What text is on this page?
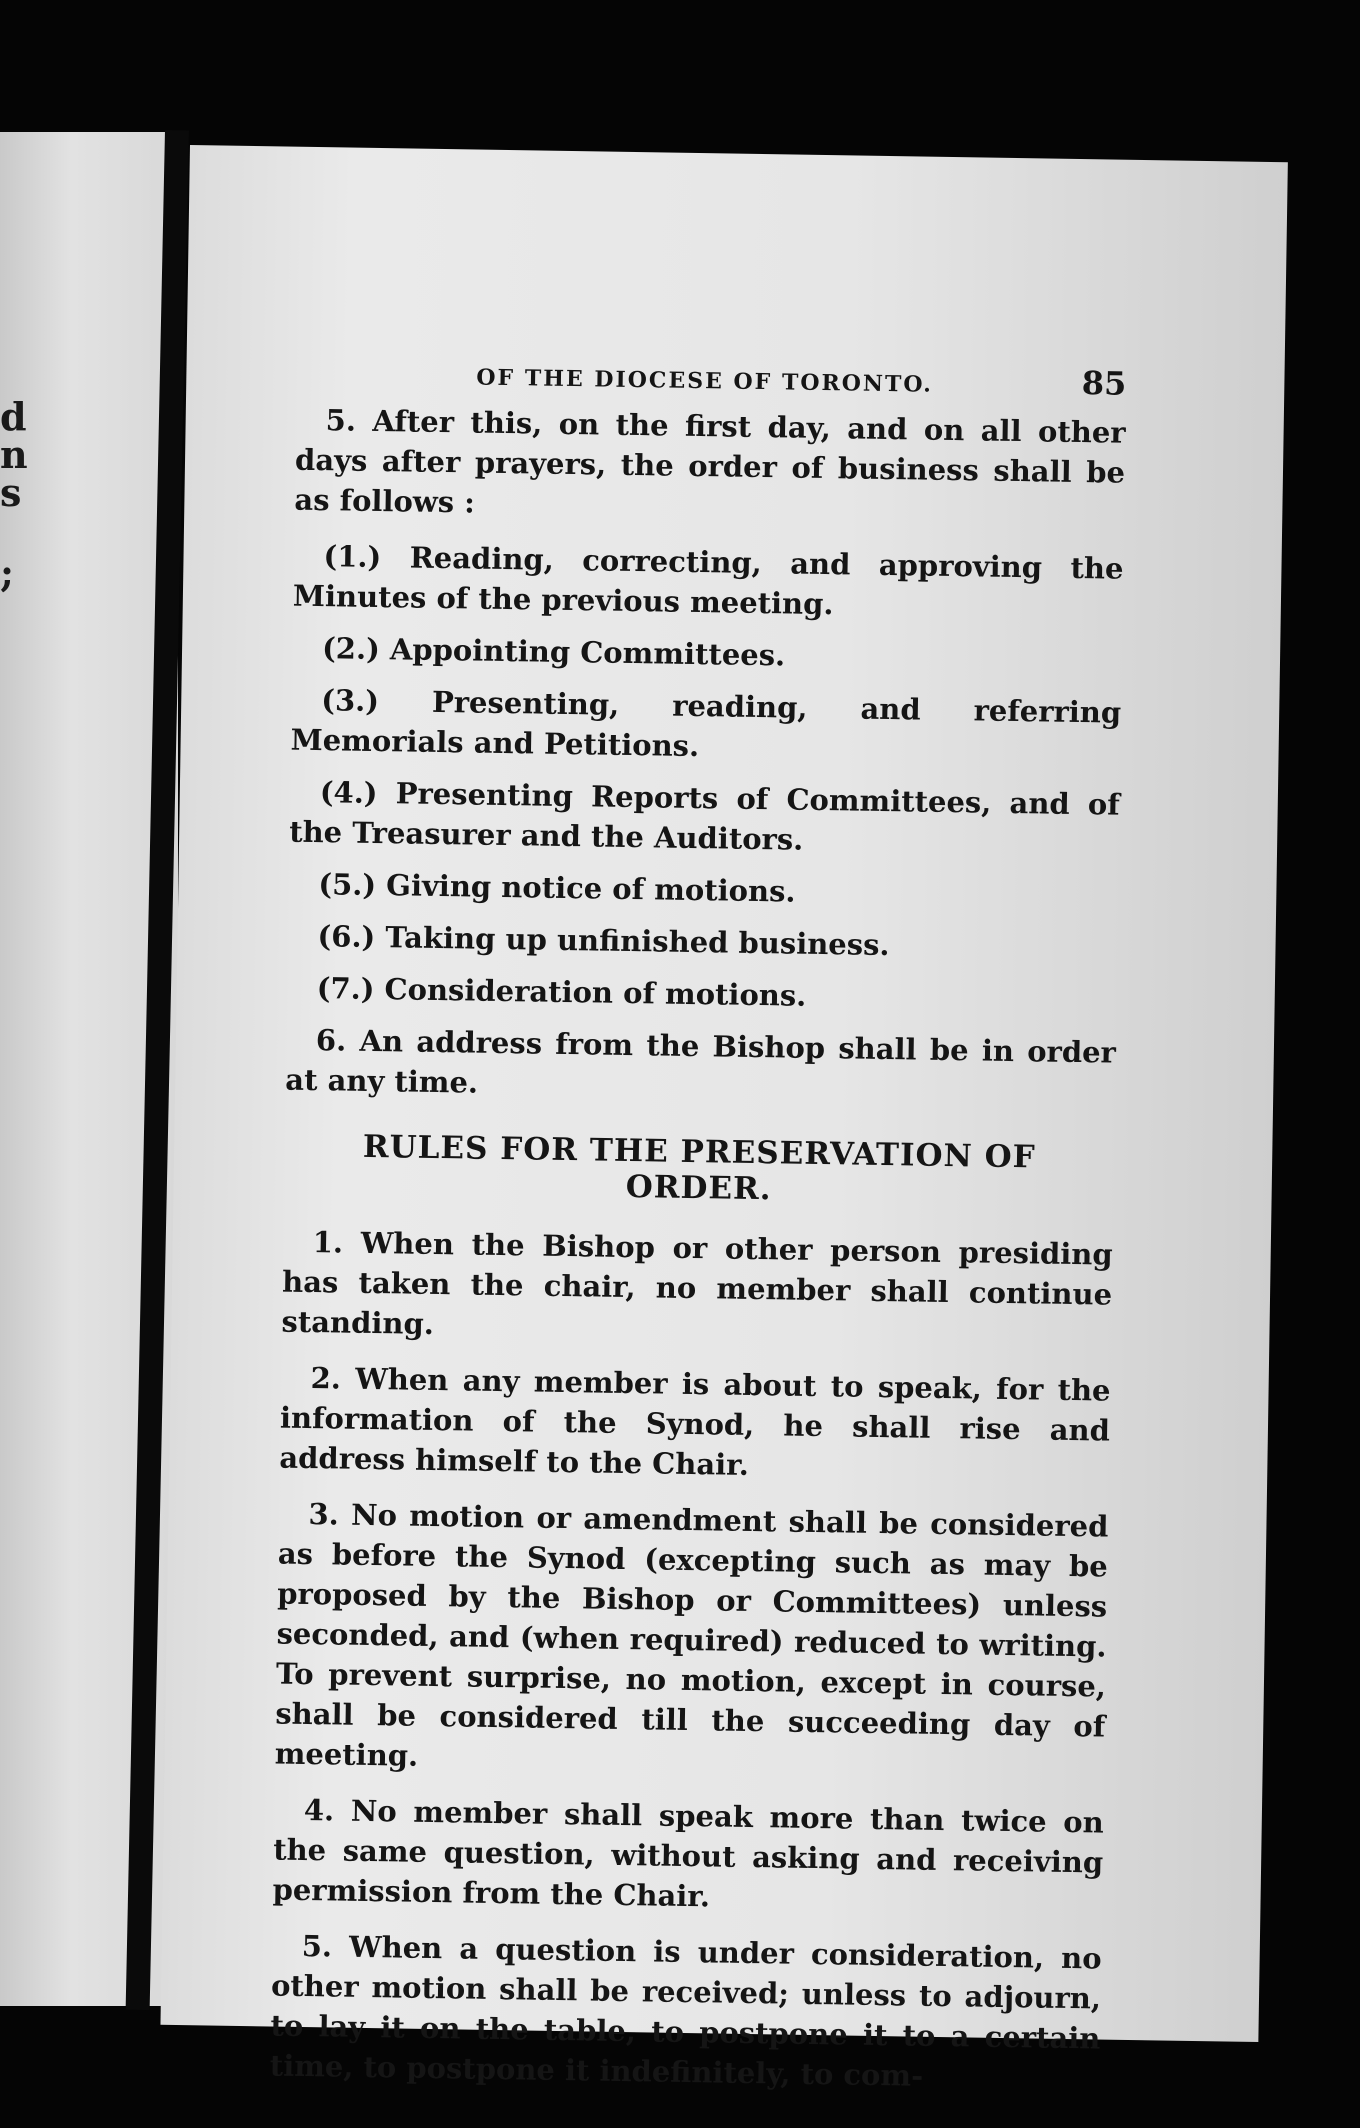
d
n
s
;
OF THE DIOCESE OF TORONTO.	85

5. After this, on the first day, and on all other days after prayers, the order of business shall be as follows :

(1.) Reading, correcting, and approving the Minutes of the previous meeting.

(2.) Appointing Committees.

(3.) Presenting, reading, and referring Memorials and Petitions.

(4.) Presenting Reports of Committees, and of the Treasurer and the Auditors.

(5.) Giving notice of motions.

(6.) Taking up unfinished business.

(7.) Consideration of motions.

6. An address from the Bishop shall be in order at any time.

RULES FOR THE PRESERVATION OF ORDER.

1. When the Bishop or other person presiding has taken the chair, no member shall continue standing.

2. When any member is about to speak, for the information of the Synod, he shall rise and address himself to the Chair.

3. No motion or amendment shall be considered as before the Synod (excepting such as may be proposed by the Bishop or Committees) unless seconded, and (when required) reduced to writing. To prevent surprise, no motion, except in course, shall be considered till the succeeding day of meeting.

4. No member shall speak more than twice on the same question, without asking and receiving permission from the Chair.

5. When a question is under consideration, no other motion shall be received; unless to adjourn, to lay it on the table, to postpone it to a certain time, to postpone it indefinitely, to com-
